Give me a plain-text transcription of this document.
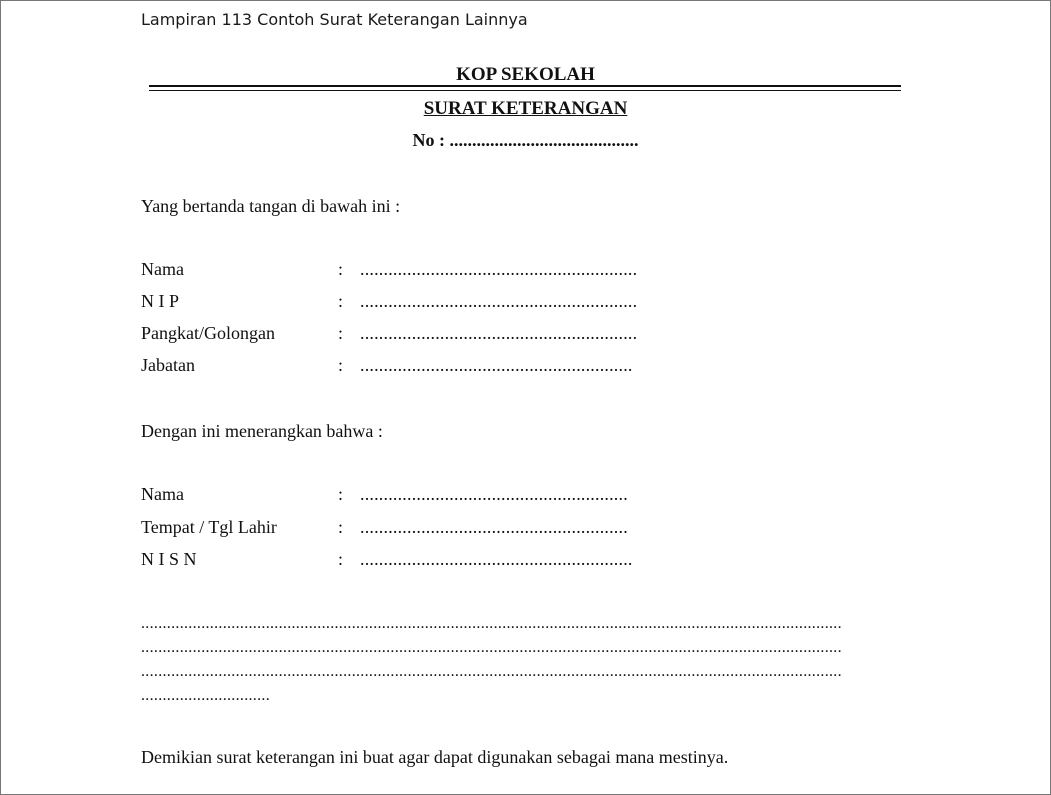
Lampiran 113 Contoh Surat Keterangan Lainnya
KOP SEKOLAH
SURAT KETERANGAN
No : ..........................................
Yang bertanda tangan di bawah ini :
Nama	: ...........................................................
N I P	: ...........................................................
Pangkat/Golongan	: ...........................................................
Jabatan	: ..........................................................
Dengan ini menerangkan bahwa :
Nama	: .........................................................
Tempat / Tgl Lahir	: .........................................................
N I S N	: ..........................................................
...................................................................................................................................................................
...................................................................................................................................................................
...................................................................................................................................................................
..............................
Demikian surat keterangan ini buat agar dapat digunakan sebagai mana mestinya.
